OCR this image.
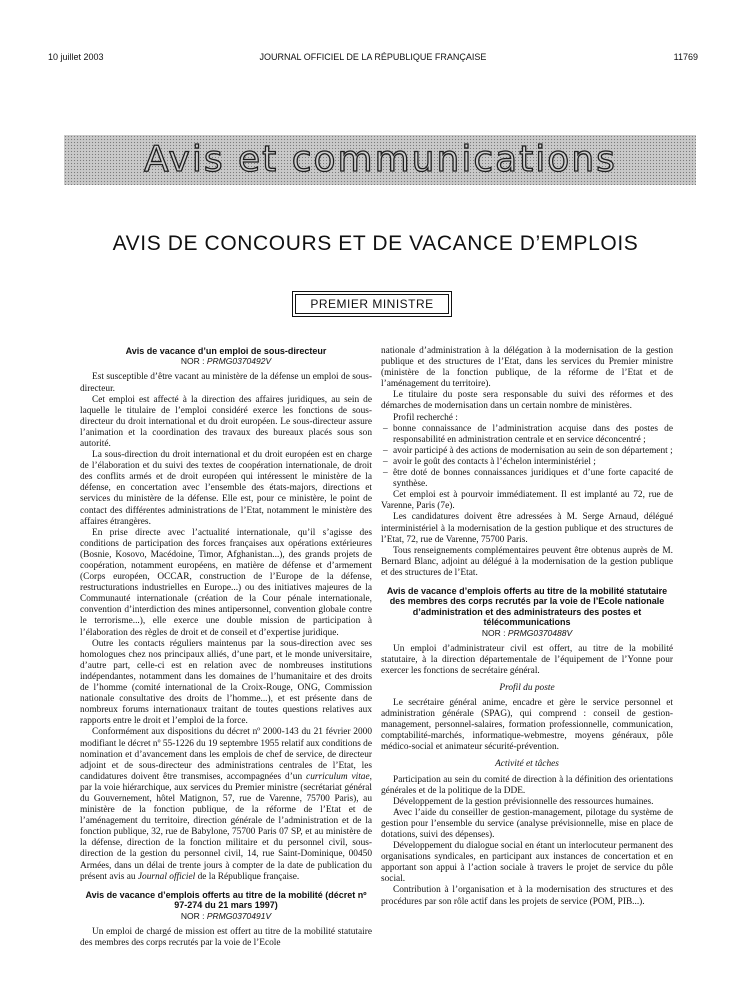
10 juillet 2003	JOURNAL OFFICIEL DE LA RÉPUBLIQUE FRANÇAISE	11769
Avis et communications
AVIS DE CONCOURS ET DE VACANCE D’EMPLOIS
PREMIER MINISTRE
Avis de vacance d’un emploi de sous-directeur
NOR : PRMG0370492V

Est susceptible d’être vacant au ministère de la défense un emploi de sous-directeur.

Cet emploi est affecté à la direction des affaires juridiques, au sein de laquelle le titulaire de l’emploi considéré exerce les fonctions de sous-directeur du droit international et du droit européen. Le sous-directeur assure l’animation et la coordination des travaux des bureaux placés sous son autorité.

La sous-direction du droit international et du droit européen est en charge de l’élaboration et du suivi des textes de coopération internationale, de droit des conflits armés et de droit européen qui intéressent le ministère de la défense, en concertation avec l’ensemble des états-majors, directions et services du ministère de la défense. Elle est, pour ce ministère, le point de contact des différentes administrations de l’Etat, notamment le ministère des affaires étrangères.

En prise directe avec l’actualité internationale, qu’il s’agisse des conditions de participation des forces françaises aux opérations extérieures (Bosnie, Kosovo, Macédoine, Timor, Afghanistan...), des grands projets de coopération, notamment européens, en matière de défense et d’armement (Corps européen, OCCAR, construction de l’Europe de la défense, restructurations industrielles en Europe...) ou des initiatives majeures de la Communauté internationale (création de la Cour pénale internationale, convention d’interdiction des mines antipersonnel, convention globale contre le terrorisme...), elle exerce une double mission de participation à l’élaboration des règles de droit et de conseil et d’expertise juridique.

Outre les contacts réguliers maintenus par la sous-direction avec ses homologues chez nos principaux alliés, d’une part, et le monde universitaire, d’autre part, celle-ci est en relation avec de nombreuses institutions indépendantes, notamment dans les domaines de l’humanitaire et des droits de l’homme (comité international de la Croix-Rouge, ONG, Commission nationale consultative des droits de l’homme...), et est présente dans de nombreux forums internationaux traitant de toutes questions relatives aux rapports entre le droit et l’emploi de la force.

Conformément aux dispositions du décret nº 2000-143 du 21 février 2000 modifiant le décret nº 55-1226 du 19 septembre 1955 relatif aux conditions de nomination et d’avancement dans les emplois de chef de service, de directeur adjoint et de sous-directeur des administrations centrales de l’Etat, les candidatures doivent être transmises, accompagnées d’un curriculum vitae, par la voie hiérarchique, aux services du Premier ministre (secrétariat général du Gouvernement, hôtel Matignon, 57, rue de Varenne, 75700 Paris), au ministère de la fonction publique, de la réforme de l’Etat et de l’aménagement du territoire, direction générale de l’administration et de la fonction publique, 32, rue de Babylone, 75700 Paris 07 SP, et au ministère de la défense, direction de la fonction militaire et du personnel civil, sous-direction de la gestion du personnel civil, 14, rue Saint-Dominique, 00450 Armées, dans un délai de trente jours à compter de la date de publication du présent avis au Journal officiel de la République française.

Avis de vacance d’emplois offerts au titre de la mobilité (décret nº 97-274 du 21 mars 1997)
NOR : PRMG0370491V

Un emploi de chargé de mission est offert au titre de la mobilité statutaire des membres des corps recrutés par la voie de l’Ecole

nationale d’administration à la délégation à la modernisation de la gestion publique et des structures de l’Etat, dans les services du Premier ministre (ministère de la fonction publique, de la réforme de l’Etat et de l’aménagement du territoire).

Le titulaire du poste sera responsable du suivi des réformes et des démarches de modernisation dans un certain nombre de ministères.

Profil recherché :

– bonne connaissance de l’administration acquise dans des postes de responsabilité en administration centrale et en service déconcentré ;
– avoir participé à des actions de modernisation au sein de son département ;
– avoir le goût des contacts à l’échelon interministériel ;
– être doté de bonnes connaissances juridiques et d’une forte capacité de synthèse.

Cet emploi est à pourvoir immédiatement. Il est implanté au 72, rue de Varenne, Paris (7e).

Les candidatures doivent être adressées à M. Serge Arnaud, délégué interministériel à la modernisation de la gestion publique et des structures de l’Etat, 72, rue de Varenne, 75700 Paris.

Tous renseignements complémentaires peuvent être obtenus auprès de M. Bernard Blanc, adjoint au délégué à la modernisation de la gestion publique et des structures de l’Etat.

Avis de vacance d’emplois offerts au titre de la mobilité statutaire des membres des corps recrutés par la voie de l’Ecole nationale d’administration et des administrateurs des postes et télécommunications
NOR : PRMG0370488V

Un emploi d’administrateur civil est offert, au titre de la mobilité statutaire, à la direction départementale de l’équipement de l’Yonne pour exercer les fonctions de secrétaire général.

Profil du poste

Le secrétaire général anime, encadre et gère le service personnel et administration générale (SPAG), qui comprend : conseil de gestion-management, personnel-salaires, formation professionnelle, communication, comptabilité-marchés, informatique-webmestre, moyens généraux, pôle médico-social et animateur sécurité-prévention.

Activité et tâches

Participation au sein du comité de direction à la définition des orientations générales et de la politique de la DDE.

Développement de la gestion prévisionnelle des ressources humaines.

Avec l’aide du conseiller de gestion-management, pilotage du système de gestion pour l’ensemble du service (analyse prévisionnelle, mise en place de dotations, suivi des dépenses).

Développement du dialogue social en étant un interlocuteur permanent des organisations syndicales, en participant aux instances de concertation et en apportant son appui à l’action sociale à travers le projet de service du pôle social.

Contribution à l’organisation et à la modernisation des structures et des procédures par son rôle actif dans les projets de service (POM, PIB...).
